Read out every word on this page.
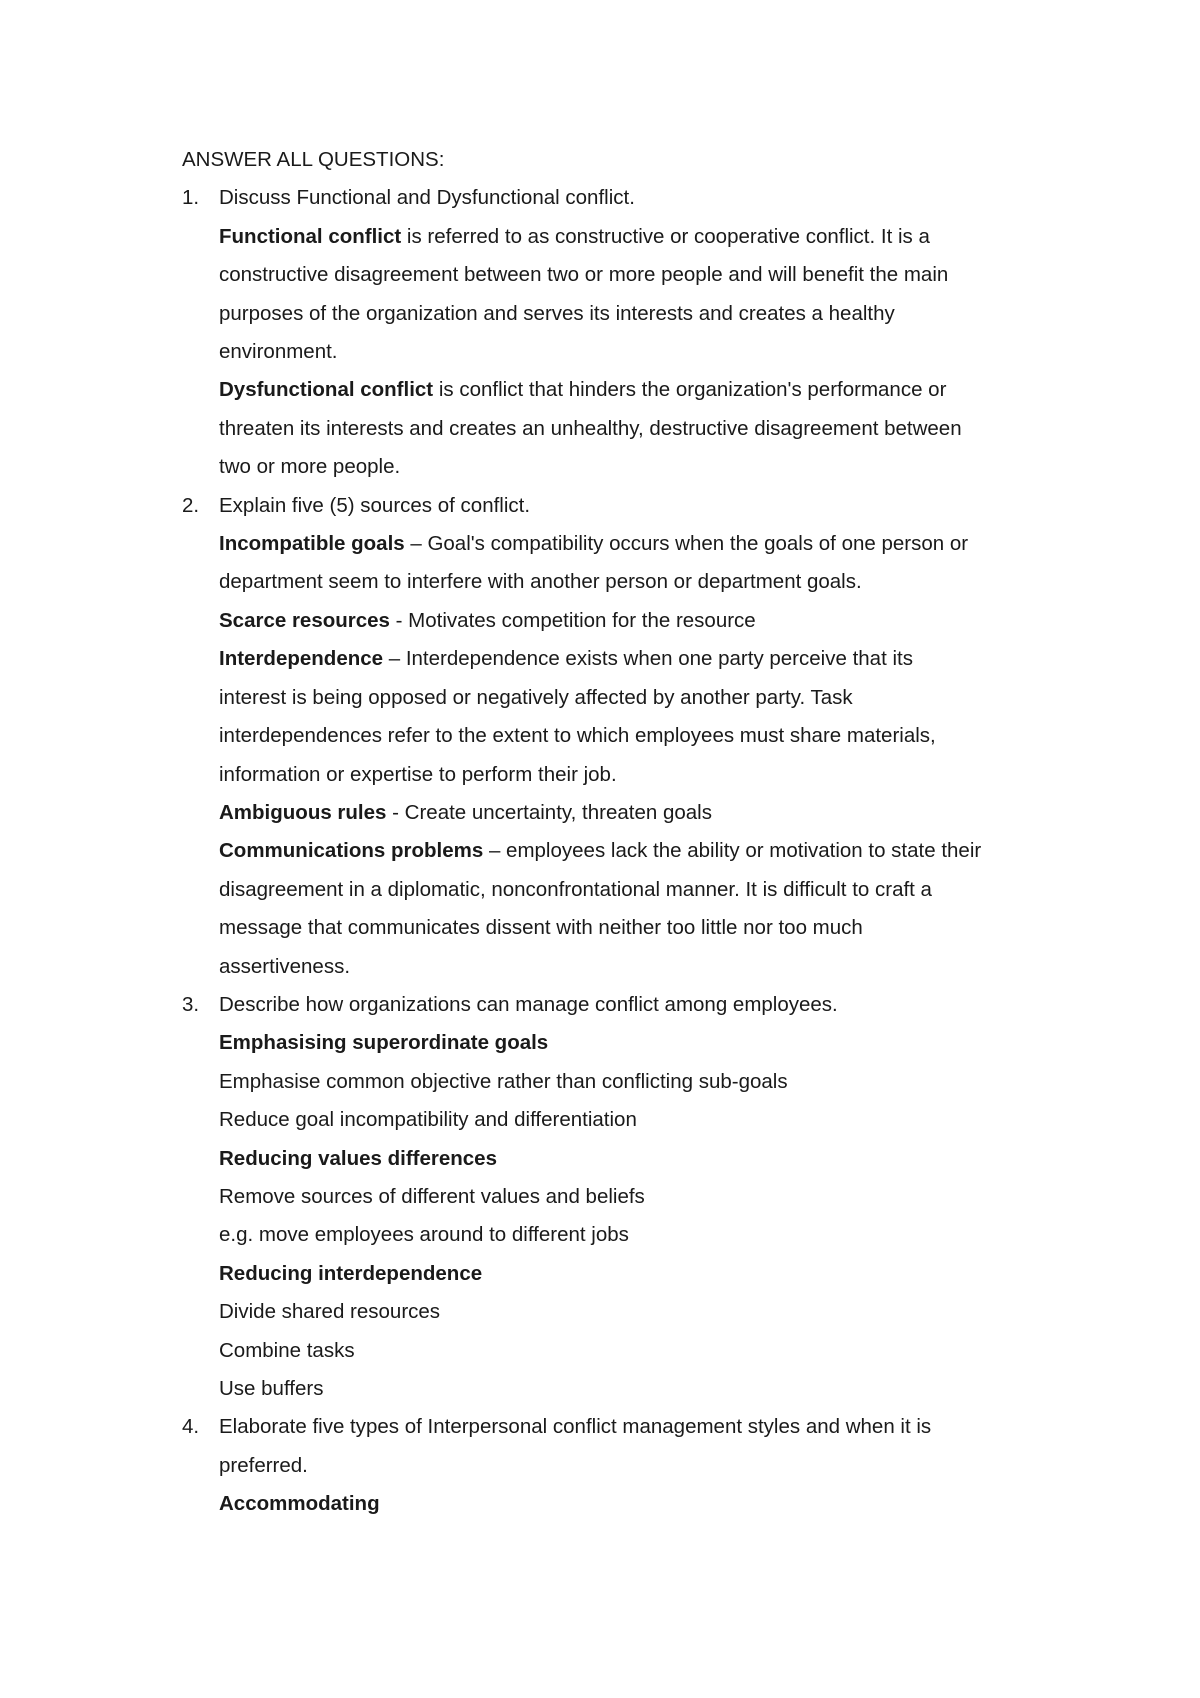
ANSWER ALL QUESTIONS:

1. Discuss Functional and Dysfunctional conflict.

Functional conflict is referred to as constructive or cooperative conflict. It is a

constructive disagreement between two or more people and will benefit the main

purposes of the organization and serves its interests and creates a healthy

environment.

Dysfunctional conflict is conflict that hinders the organization's performance or

threaten its interests and creates an unhealthy, destructive disagreement between

two or more people.

2. Explain five (5) sources of conflict.

Incompatible goals – Goal's compatibility occurs when the goals of one person or

department seem to interfere with another person or department goals.

Scarce resources - Motivates competition for the resource

Interdependence – Interdependence exists when one party perceive that its

interest is being opposed or negatively affected by another party. Task

interdependences refer to the extent to which employees must share materials,

information or expertise to perform their job.

Ambiguous rules - Create uncertainty, threaten goals

Communications problems – employees lack the ability or motivation to state their

disagreement in a diplomatic, nonconfrontational manner. It is difficult to craft a

message that communicates dissent with neither too little nor too much

assertiveness.

3. Describe how organizations can manage conflict among employees.

Emphasising superordinate goals

Emphasise common objective rather than conflicting sub-goals

Reduce goal incompatibility and differentiation

Reducing values differences

Remove sources of different values and beliefs

e.g. move employees around to different jobs

Reducing interdependence

Divide shared resources

Combine tasks

Use buffers

4. Elaborate five types of Interpersonal conflict management styles and when it is

preferred.

Accommodating
